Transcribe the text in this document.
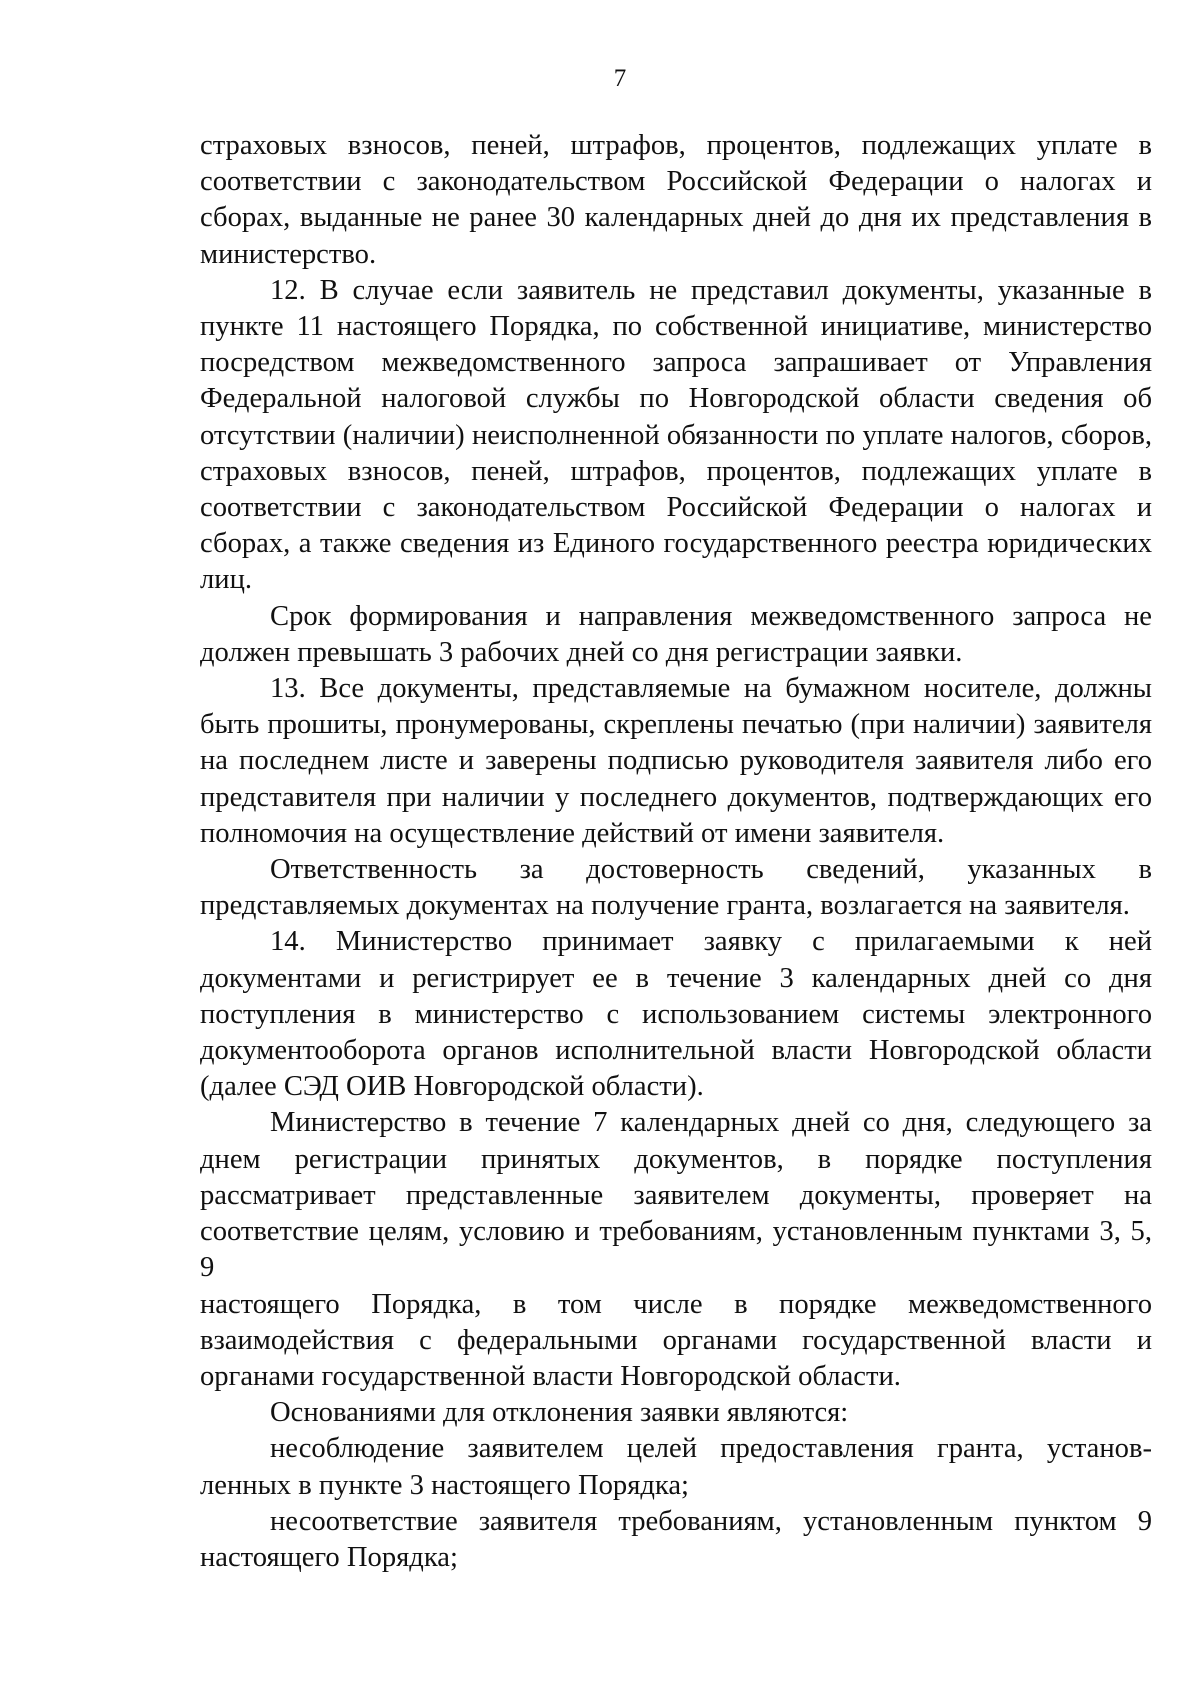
7

страховых взносов, пеней, штрафов, процентов, подлежащих уплате в
соответствии с законодательством Российской Федерации о налогах и
сборах, выданные не ранее 30 календарных дней до дня их представления в
министерство.

12. В случае если заявитель не представил документы, указанные в
пункте 11 настоящего Порядка, по собственной инициативе, министерство
посредством межведомственного запроса запрашивает от Управления
Федеральной налоговой службы по Новгородской области сведения об
отсутствии (наличии) неисполненной обязанности по уплате налогов, сборов,
страховых взносов, пеней, штрафов, процентов, подлежащих уплате в
соответствии с законодательством Российской Федерации о налогах и
сборах, а также сведения из Единого государственного реестра юридических
лиц.

Срок формирования и направления межведомственного запроса не
должен превышать 3 рабочих дней со дня регистрации заявки.

13. Все документы, представляемые на бумажном носителе, должны
быть прошиты, пронумерованы, скреплены печатью (при наличии) заявителя
на последнем листе и заверены подписью руководителя заявителя либо его
представителя при наличии у последнего документов, подтверждающих его
полномочия на осуществление действий от имени заявителя.

Ответственность за достоверность сведений, указанных в
представляемых документах на получение гранта, возлагается на заявителя.

14. Министерство принимает заявку с прилагаемыми к ней
документами и регистрирует ее в течение 3 календарных дней со дня
поступления в министерство с использованием системы электронного
документооборота органов исполнительной власти Новгородской области
(далее СЭД ОИВ Новгородской области).

Министерство в течение 7 календарных дней со дня, следующего за
днем регистрации принятых документов, в порядке поступления
рассматривает представленные заявителем документы, проверяет на
соответствие целям, условию и требованиям, установленным пунктами 3, 5, 9
настоящего Порядка, в том числе в порядке межведомственного
взаимодействия с федеральными органами государственной власти и
органами государственной власти Новгородской области.

Основаниями для отклонения заявки являются:

несоблюдение заявителем целей предоставления гранта, установ-
ленных в пункте 3 настоящего Порядка;

несоответствие заявителя требованиям, установленным пунктом 9
настоящего Порядка;
